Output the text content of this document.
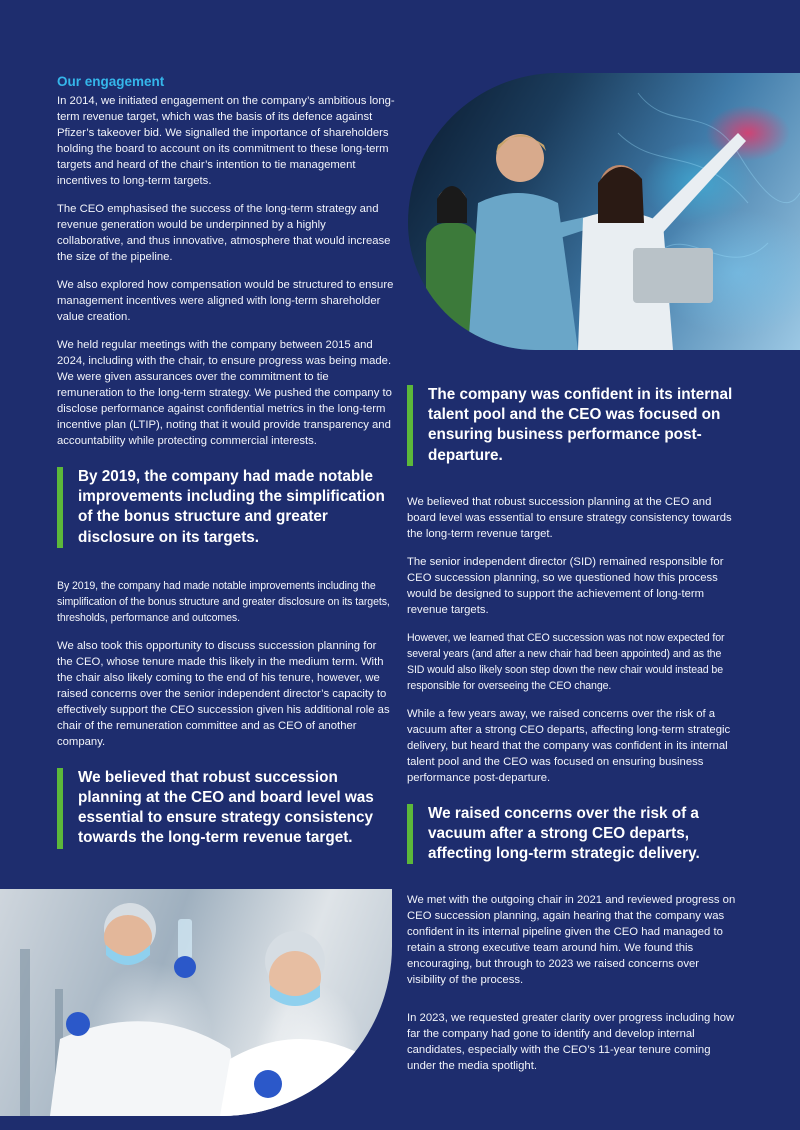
Our engagement

In 2014, we initiated engagement on the company’s ambitious long-term revenue target, which was the basis of its defence against Pfizer’s takeover bid. We signalled the importance of shareholders holding the board to account on its commitment to these long-term targets and heard of the chair’s intention to tie management incentives to long-term targets.

The CEO emphasised the success of the long-term strategy and revenue generation would be underpinned by a highly collaborative, and thus innovative, atmosphere that would increase the size of the pipeline.

We also explored how compensation would be structured to ensure management incentives were aligned with long-term shareholder value creation.

We held regular meetings with the company between 2015 and 2024, including with the chair, to ensure progress was being made. We were given assurances over the commitment to tie remuneration to the long-term strategy. We pushed the company to disclose performance against confidential metrics in the long-term incentive plan (LTIP), noting that it would provide transparency and accountability while protecting commercial interests.

By 2019, the company had made notable improvements including the simplification of the bonus structure and greater disclosure on its targets.

By 2019, the company had made notable improvements including the simplification of the bonus structure and greater disclosure on its targets, thresholds, performance and outcomes.

We also took this opportunity to discuss succession planning for the CEO, whose tenure made this likely in the medium term. With the chair also likely coming to the end of his tenure, however, we raised concerns over the senior independent director’s capacity to effectively support the CEO succession given his additional role as chair of the remuneration committee and as CEO of another company.

We believed that robust succession planning at the CEO and board level was essential to ensure strategy consistency towards the long-term revenue target.
The company was confident in its internal talent pool and the CEO was focused on ensuring business performance post-departure.

We believed that robust succession planning at the CEO and board level was essential to ensure strategy consistency towards the long-term revenue target.

The senior independent director (SID) remained responsible for CEO succession planning, so we questioned how this process would be designed to support the achievement of long-term revenue targets.

However, we learned that CEO succession was not now expected for several years (and after a new chair had been appointed) and as the SID would also likely soon step down the new chair would instead be responsible for overseeing the CEO change.

While a few years away, we raised concerns over the risk of a vacuum after a strong CEO departs, affecting long-term strategic delivery, but heard that the company was confident in its internal talent pool and the CEO was focused on ensuring business performance post-departure.

We raised concerns over the risk of a vacuum after a strong CEO departs, affecting long-term strategic delivery.

We met with the outgoing chair in 2021 and reviewed progress on CEO succession planning, again hearing that the company was confident in its internal pipeline given the CEO had managed to retain a strong executive team around him. We found this encouraging, but through to 2023 we raised concerns over visibility of the process.

In 2023, we requested greater clarity over progress including how far the company had gone to identify and develop internal candidates, especially with the CEO’s 11-year tenure coming under the media spotlight.
